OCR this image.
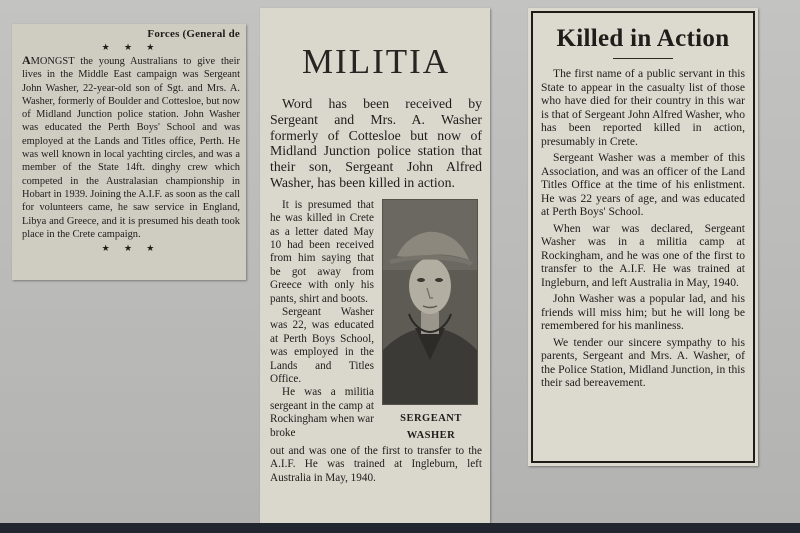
Forces (General de
★ ★ ★
AMONGST the young Australians to give their lives in the Middle East campaign was Sergeant John Washer, 22-year-old son of Sgt. and Mrs. A. Washer, formerly of Boulder and Cottesloe, but now of Midland Junction police station. John Washer was educated the Perth Boys' School and was employed at the Lands and Titles office, Perth. He was well known in local yachting circles, and was a member of the State 14ft. dinghy crew which competed in the Australasian championship in Hobart in 1939. Joining the A.I.F. as soon as the call for volunteers came, he saw service in England, Libya and Greece, and it is presumed his death took place in the Crete campaign.
★ ★ ★
MILITIA

Word has been received by Sergeant and Mrs. A. Washer formerly of Cottesloe but now of Midland Junction police station that their son, Sergeant John Alfred Washer, has been killed in action.

It is presumed that he was killed in Crete as a letter dated May 10 had been received from him saying that be got away from Greece with only his pants, shirt and boots.

Sergeant Washer was 22, was educated at Perth Boys School, was employed in the Lands and Titles Office.

He was a militia sergeant in the camp at Rockingham when war broke

SERGEANT
WASHER

out and was one of the first to transfer to the A.I.F. He was trained at Ingleburn, left Australia in May, 1940.

Killed in Action

The first name of a public servant in this State to appear in the casualty list of those who have died for their country in this war is that of Sergeant John Alfred Washer, who has been reported killed in action, presumably in Crete.

Sergeant Washer was a member of this Association, and was an officer of the Land Titles Office at the time of his enlistment. He was 22 years of age, and was educated at Perth Boys' School.

When war was declared, Sergeant Washer was in a militia camp at Rockingham, and he was one of the first to transfer to the A.I.F. He was trained at Ingleburn, and left Australia in May, 1940.

John Washer was a popular lad, and his friends will miss him; but he will long be remembered for his manliness.

We tender our sincere sympathy to his parents, Sergeant and Mrs. A. Washer, of the Police Station, Midland Junction, in this their sad bereavement.
